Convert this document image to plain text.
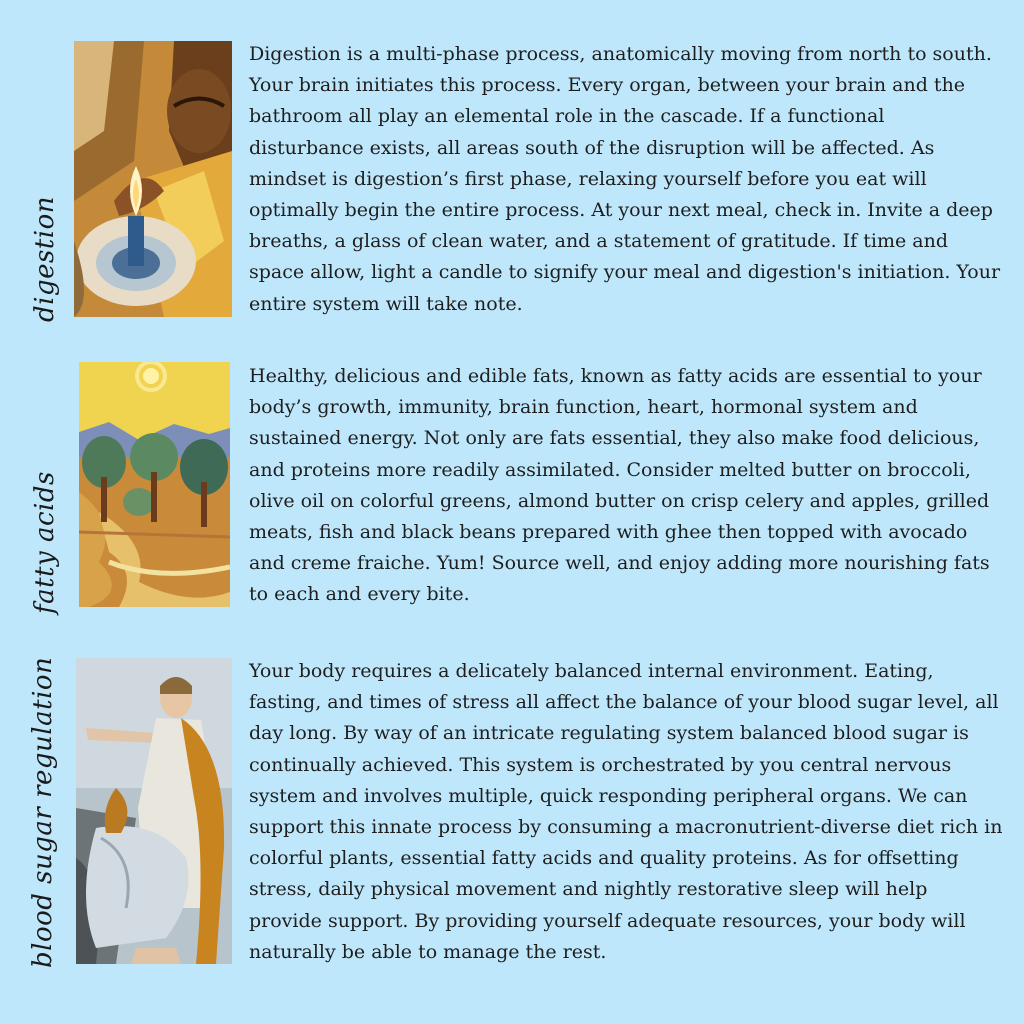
digestion

Digestion is a multi-phase process, anatomically moving from north to south. Your brain initiates this process. Every organ, between your brain and the bathroom all play an elemental role in the cascade. If a functional disturbance exists, all areas south of the disruption will be affected. As mindset is digestion’s first phase, relaxing yourself before you eat will optimally begin the entire process. At your next meal, check in. Invite a deep breaths, a glass of clean water, and a statement of gratitude. If time and space allow, light a candle to signify your meal and digestion's initiation. Your entire system will take note.

fatty acids

Healthy, delicious and edible fats, known as fatty acids are essential to your body’s growth, immunity, brain function, heart, hormonal system and sustained energy. Not only are fats essential, they also make food delicious, and proteins more readily assimilated. Consider melted butter on broccoli, olive oil on colorful greens, almond butter on crisp celery and apples, grilled meats, fish and black beans prepared with ghee then topped with avocado and creme fraiche. Yum! Source well, and enjoy adding more nourishing fats to each and every bite.

blood sugar regulation	Your body requires a delicately balanced internal environment. Eating, fasting, and times of stress all affect the balance of your blood sugar level, all day long. By way of an intricate regulating system balanced blood sugar is continually achieved. This system is orchestrated by you central nervous system and involves multiple, quick responding peripheral organs. We can support this innate process by consuming a macronutrient-diverse diet rich in colorful plants, essential fatty acids and quality proteins. As for offsetting stress, daily physical movement and nightly restorative sleep will help provide support. By providing yourself adequate resources, your body will naturally be able to manage the rest.
